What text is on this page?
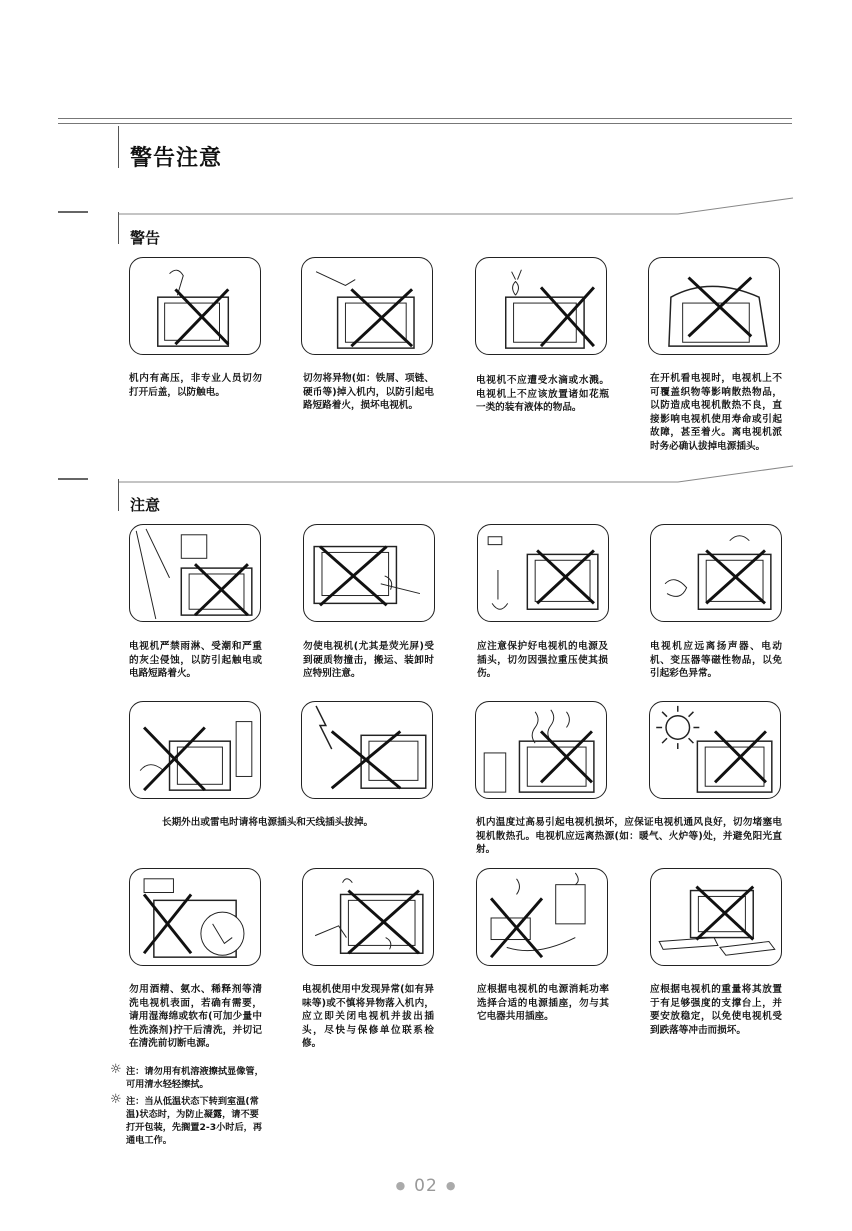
警告注意
警告
机内有高压，非专业人员切勿打开后盖，以防触电。
切勿将异物(如：铁屑、项链、硬币等)掉入机内，以防引起电路短路着火，损坏电视机。
电视机不应遭受水滴或水溅。电视机上不应该放置诸如花瓶一类的装有液体的物品。
在开机看电视时，电视机上不可覆盖织物等影响散热物品，以防造成电视机散热不良，直接影响电视机使用寿命或引起故障，甚至着火。离电视机派时务必确认拔掉电源插头。
注意
电视机严禁雨淋、受潮和严重的灰尘侵蚀，以防引起触电或电路短路着火。
勿使电视机(尤其是荧光屏)受到硬质物撞击，搬运、装卸时应特别注意。
应注意保护好电视机的电源及插头，切勿因强拉重压使其损伤。
电视机应远离扬声器、电动机、变压器等磁性物品，以免引起彩色异常。
长期外出或雷电时请将电源插头和天线插头拔掉。	机内温度过高易引起电视机损坏，应保证电视机通风良好，切勿堵塞电视机散热孔。电视机应远离热源(如：暖气、火炉等)处，并避免阳光直射。
勿用酒精、氨水、稀释剂等清洗电视机表面，若确有需要，请用湿海绵或软布(可加少量中性洗涤剂)拧干后清洗，并切记在清洗前切断电源。
电视机使用中发现异常(如有异味等)或不慎将异物落入机内，应立即关闭电视机并拔出插头，尽快与保修单位联系检修。
应根据电视机的电源消耗功率选择合适的电源插座，勿与其它电器共用插座。
应根据电视机的重量将其放置于有足够强度的支撑台上，并要安放稳定，以免使电视机受到跌落等冲击而损坏。
☼ 注：请勿用有机溶液擦拭显像管，可用清水轻轻擦拭。
☼ 注：当从低温状态下转到室温(常温)状态时，为防止凝露，请不要打开包装，先搁置2-3小时后，再通电工作。
● 02 ●
